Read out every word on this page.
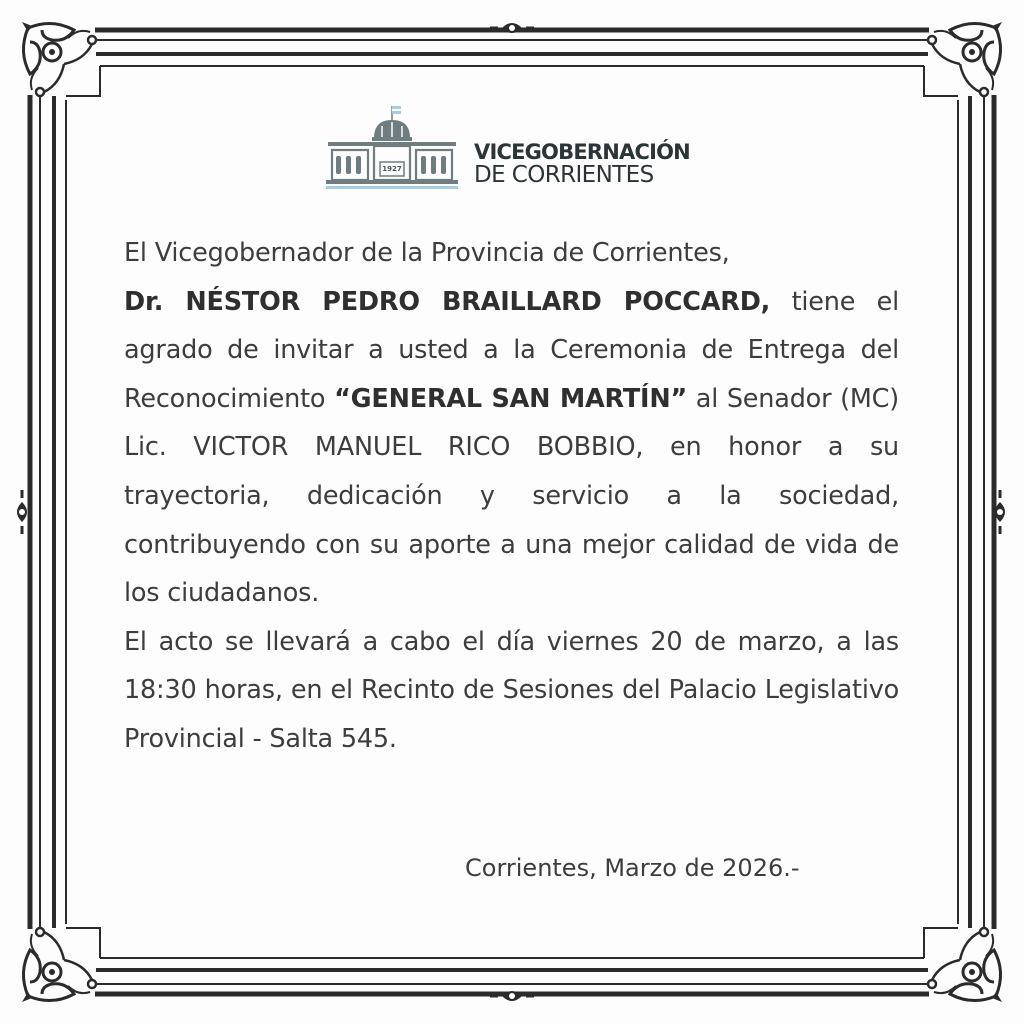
1927
VICEGOBERNACIÓN
DE CORRIENTES

El Vicegobernador de la Provincia de Corrientes,
Dr. NÉSTOR PEDRO BRAILLARD POCCARD, tiene el agrado de invitar a usted a la Ceremonia de Entrega del Reconocimiento “GENERAL SAN MARTÍN” al Senador (MC) Lic. VICTOR MANUEL RICO BOBBIO, en honor a su trayectoria, dedicación y servicio a la sociedad, contribuyendo con su aporte a una mejor calidad de vida de los ciudadanos.

El acto se llevará a cabo el día viernes 20 de marzo, a las 18:30 horas, en el Recinto de Sesiones del Palacio Legislativo Provincial - Salta 545.

Corrientes, Marzo de 2026.-
